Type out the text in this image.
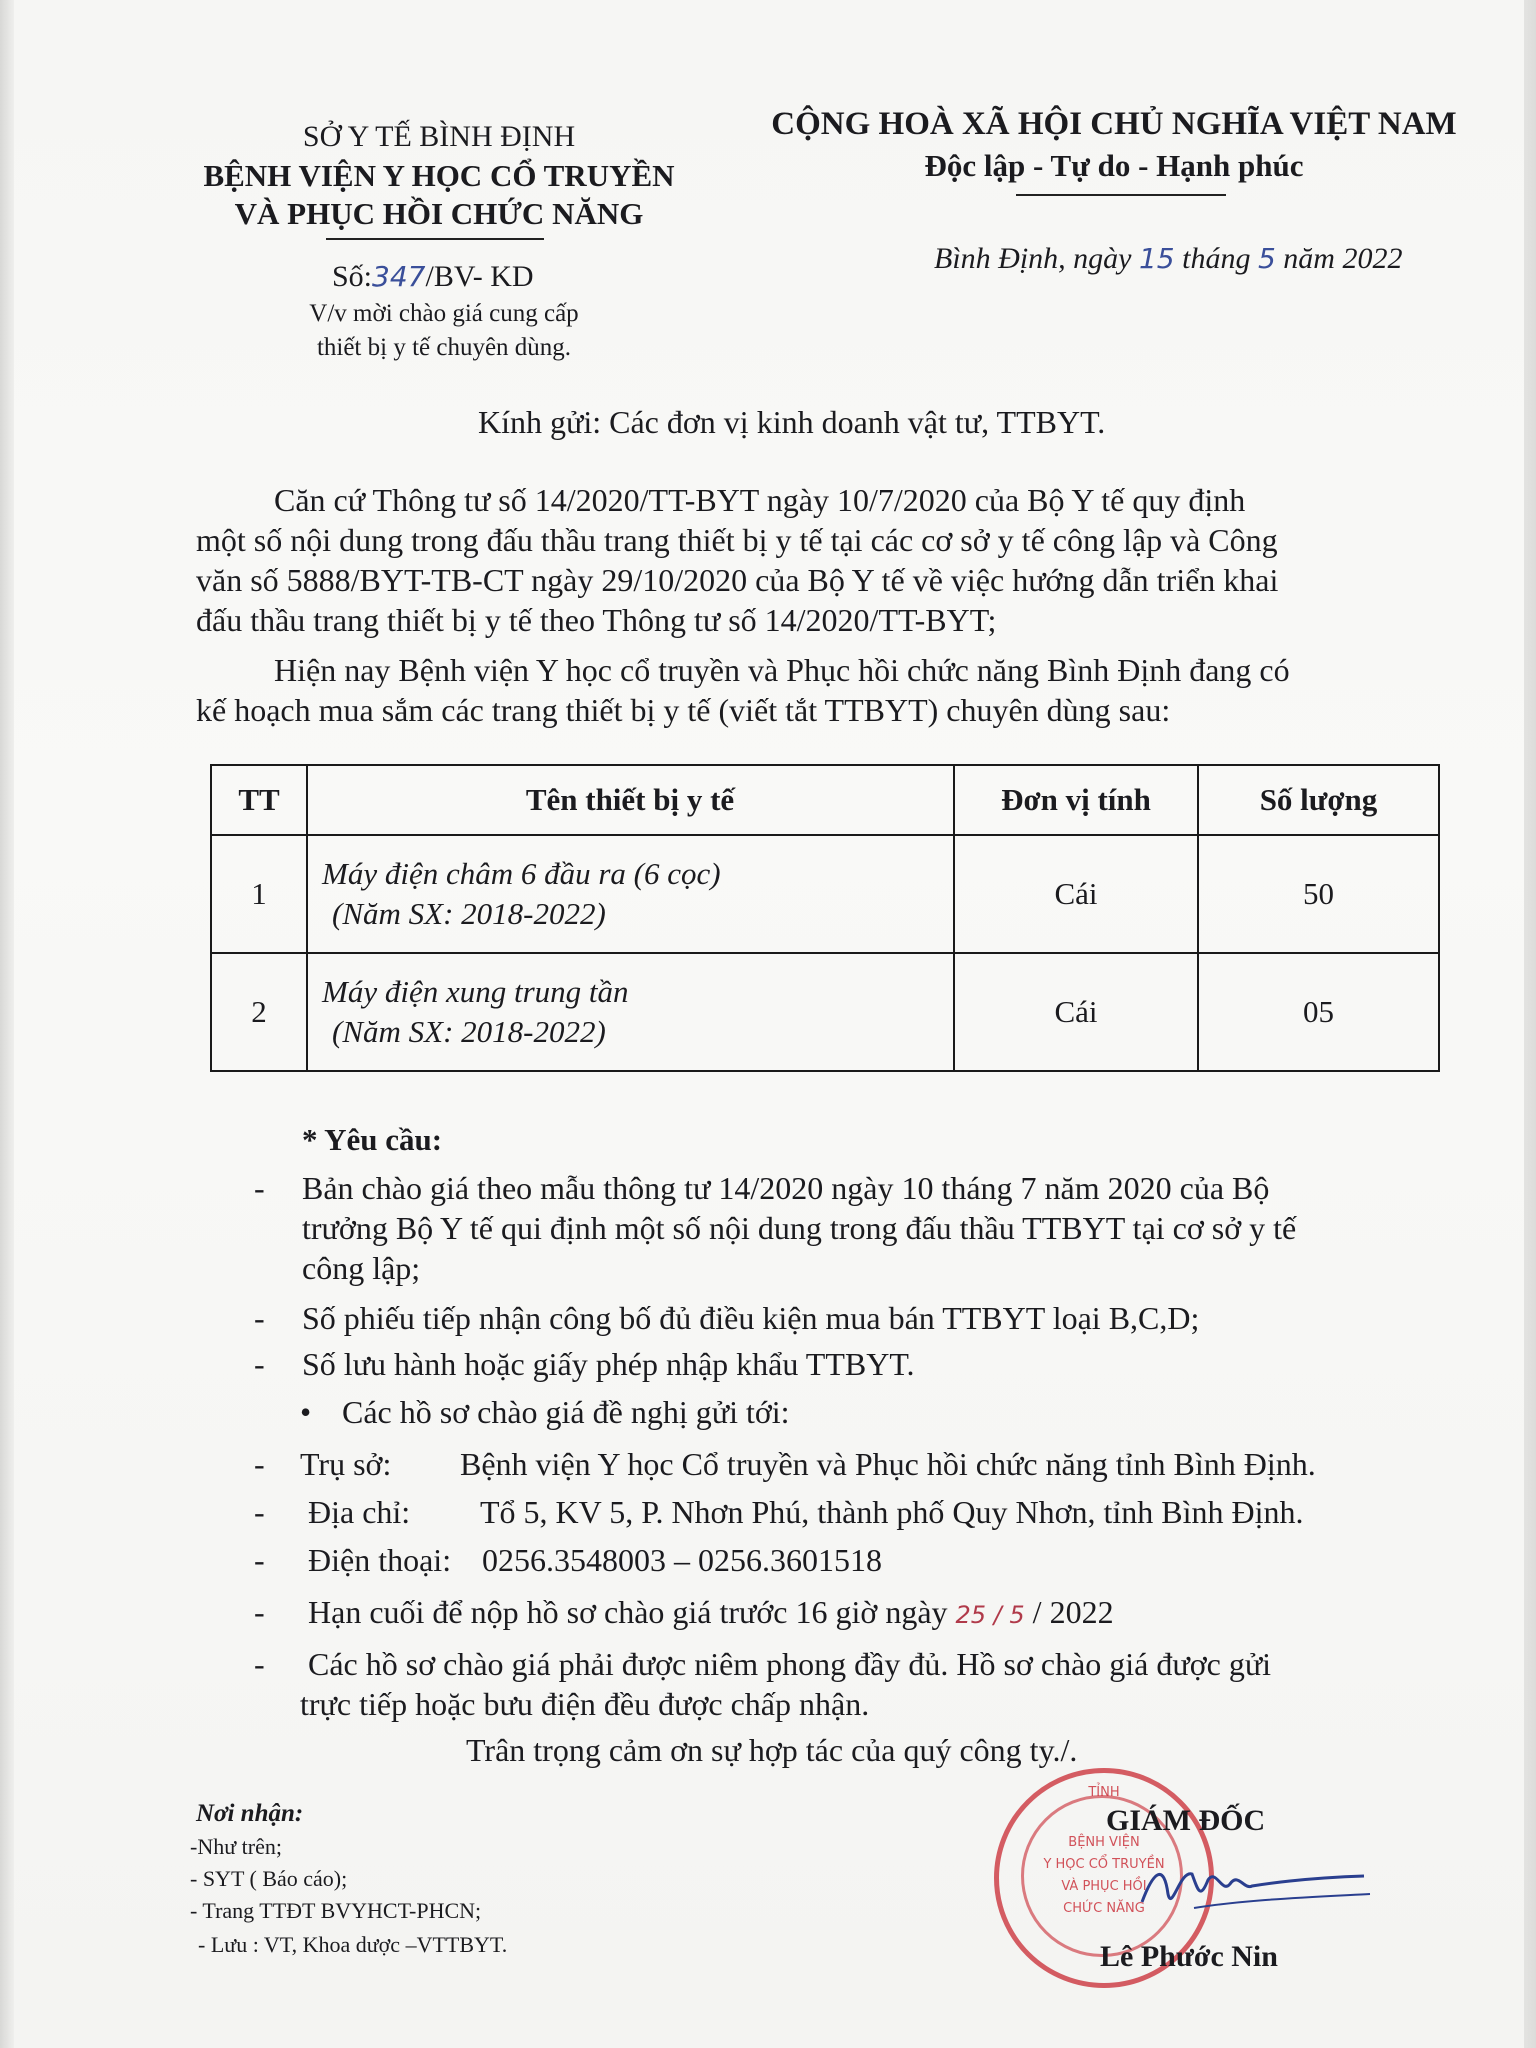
SỞ Y TẾ BÌNH ĐỊNH
BỆNH VIỆN Y HỌC CỔ TRUYỀN
VÀ PHỤC HỒI CHỨC NĂNG
Số:347/BV- KD
V/v mời chào giá cung cấp
thiết bị y tế chuyên dùng.
CỘNG HOÀ XÃ HỘI CHỦ NGHĨA VIỆT NAM
Độc lập - Tự do - Hạnh phúc
Bình Định, ngày 15 tháng 5 năm 2022
Kính gửi: Các đơn vị kinh doanh vật tư, TTBYT.
Căn cứ Thông tư số 14/2020/TT-BYT ngày 10/7/2020 của Bộ Y tế quy định
một số nội dung trong đấu thầu trang thiết bị y tế tại các cơ sở y tế công lập và Công
văn số 5888/BYT-TB-CT ngày 29/10/2020 của Bộ Y tế về việc hướng dẫn triển khai
đấu thầu trang thiết bị y tế theo Thông tư số 14/2020/TT-BYT;
Hiện nay Bệnh viện Y học cổ truyền và Phục hồi chức năng Bình Định đang có
kế hoạch mua sắm các trang thiết bị y tế (viết tắt TTBYT) chuyên dùng sau:
TT	Tên thiết bị y tế	Đơn vị tính	Số lượng
1	Máy điện châm 6 đầu ra (6 cọc)
(Năm SX: 2018-2022)	Cái	50
2	Máy điện xung trung tần
(Năm SX: 2018-2022)	Cái	05
* Yêu cầu:
- Bản chào giá theo mẫu thông tư 14/2020 ngày 10 tháng 7 năm 2020 của Bộ
trưởng Bộ Y tế qui định một số nội dung trong đấu thầu TTBYT tại cơ sở y tế
công lập;
- Số phiếu tiếp nhận công bố đủ điều kiện mua bán TTBYT loại B,C,D;
- Số lưu hành hoặc giấy phép nhập khẩu TTBYT.
• Các hồ sơ chào giá đề nghị gửi tới:
- Trụ sở: Bệnh viện Y học Cổ truyền và Phục hồi chức năng tỉnh Bình Định.
- Địa chỉ: Tổ 5, KV 5, P. Nhơn Phú, thành phố Quy Nhơn, tỉnh Bình Định.
- Điện thoại: 0256.3548003 – 0256.3601518
- Hạn cuối để nộp hồ sơ chào giá trước 16 giờ ngày 25 / 5 / 2022
- Các hồ sơ chào giá phải được niêm phong đầy đủ. Hồ sơ chào giá được gửi
trực tiếp hoặc bưu điện đều được chấp nhận.
Trân trọng cảm ơn sự hợp tác của quý công ty./.
Nơi nhận:
-Như trên;
- SYT ( Báo cáo);
- Trang TTĐT BVYHCT-PHCN;
- Lưu : VT, Khoa dược –VTTBYT.
TỈNH
BỆNH VIỆN
Y HỌC CỔ TRUYỀN
VÀ PHỤC HỒI
CHỨC NĂNG
GIÁM ĐỐC
Lê Phước Nin
